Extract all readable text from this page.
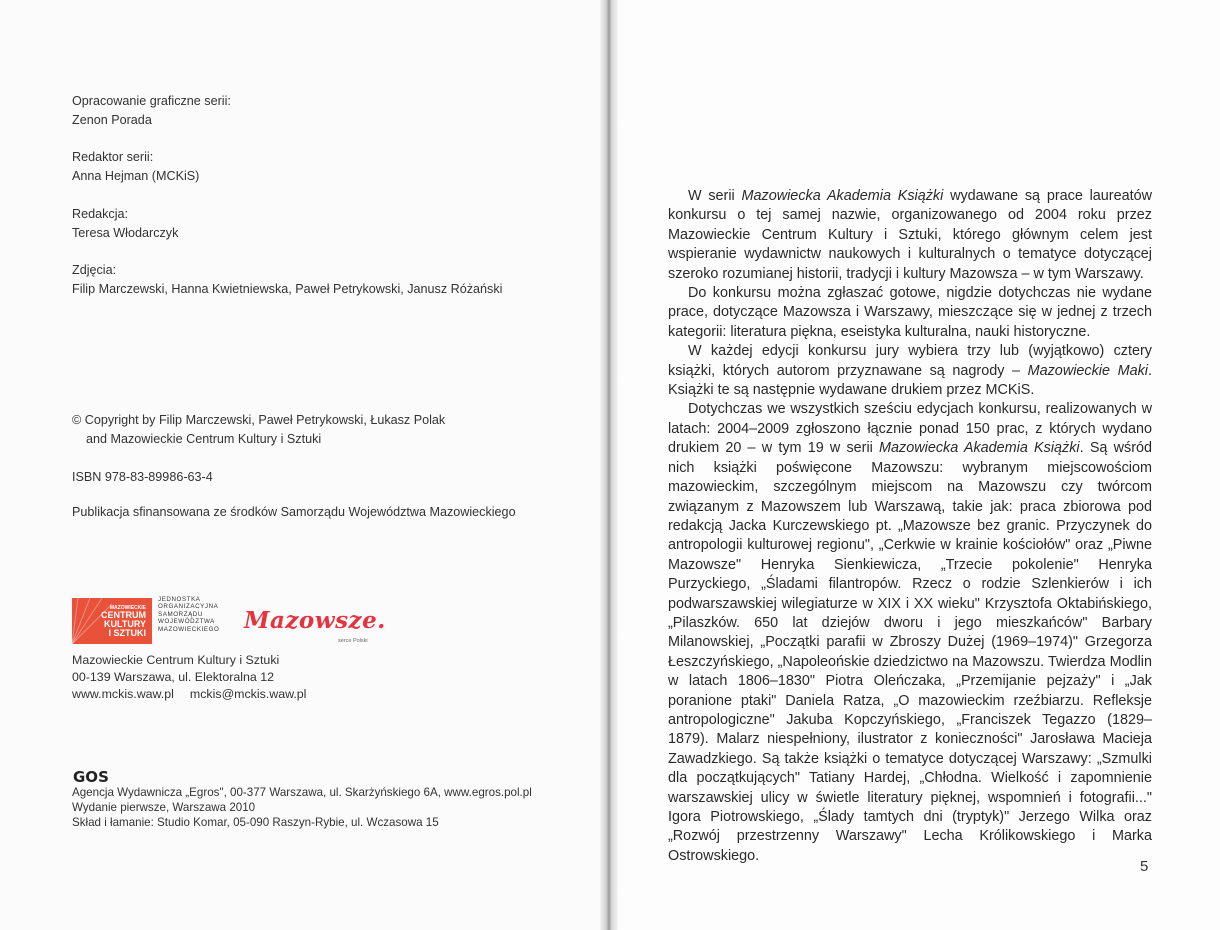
Opracowanie graficzne serii:
Zenon Porada
Redaktor serii:
Anna Hejman (MCKiS)
Redakcja:
Teresa Włodarczyk
Zdjęcia:
Filip Marczewski, Hanna Kwietniewska, Paweł Petrykowski, Janusz Różański
© Copyright by Filip Marczewski, Paweł Petrykowski, Łukasz Polak
and Mazowieckie Centrum Kultury i Sztuki
ISBN 978-83-89986-63-4
Publikacja sfinansowana ze środków Samorządu Województwa Mazowieckiego
MAZOWIECKIE
CENTRUM
KULTURY
I SZTUKI
JEDNOSTKA
ORGANIZACYJNA
SAMORZĄDU
WOJEWÓDZTWA
MAZOWIECKIEGO Mazowsze.
serce Polski
Mazowieckie Centrum Kultury i Sztuki
00-139 Warszawa, ul. Elektoralna 12
www.mckis.waw.pl mckis@mckis.waw.pl
GOS
Agencja Wydawnicza „Egros", 00-377 Warszawa, ul. Skarżyńskiego 6A, www.egros.pol.pl
Wydanie pierwsze, Warszawa 2010
Skład i łamanie: Studio Komar, 05-090 Raszyn-Rybie, ul. Wczasowa 15

W serii Mazowiecka Akademia Książki wydawane są prace laureatów konkursu o tej samej nazwie, organizowanego od 2004 roku przez Mazowieckie Centrum Kultury i Sztuki, którego głównym celem jest wspieranie wydawnictw naukowych i kulturalnych o tematyce dotyczącej szeroko rozumianej historii, tradycji i kultury Mazowsza – w tym Warszawy.

Do konkursu można zgłaszać gotowe, nigdzie dotychczas nie wydane prace, dotyczące Mazowsza i Warszawy, mieszczące się w jednej z trzech kategorii: literatura piękna, eseistyka kulturalna, nauki historyczne.

W każdej edycji konkursu jury wybiera trzy lub (wyjątkowo) cztery książki, których autorom przyznawane są nagrody – Mazowieckie Maki. Książki te są następnie wydawane drukiem przez MCKiS.

Dotychczas we wszystkich sześciu edycjach konkursu, realizowanych w latach: 2004–2009 zgłoszono łącznie ponad 150 prac, z których wydano drukiem 20 – w tym 19 w serii Mazowiecka Akademia Książki. Są wśród nich książki poświęcone Mazowszu: wybranym miejscowościom mazowieckim, szczególnym miejscom na Mazowszu czy twórcom związanym z Mazowszem lub Warszawą, takie jak: praca zbiorowa pod redakcją Jacka Kurczewskiego pt. „Mazowsze bez granic. Przyczynek do antropologii kulturowej regionu", „Cerkwie w krainie kościołów" oraz „Piwne Mazowsze" Henryka Sienkiewicza, „Trzecie pokolenie" Henryka Purzyckiego, „Śladami filantropów. Rzecz o rodzie Szlenkierów i ich podwarszawskiej wilegiaturze w XIX i XX wieku" Krzysztofa Oktabińskiego, „Pilaszków. 650 lat dziejów dworu i jego mieszkańców" Barbary Milanowskiej, „Początki parafii w Zbroszy Dużej (1969–1974)" Grzegorza Łeszczyńskiego, „Napoleońskie dziedzictwo na Mazowszu. Twierdza Modlin w latach 1806–1830" Piotra Oleńczaka, „Przemijanie pejzaży" i „Jak poranione ptaki" Daniela Ratza, „O mazowieckim rzeźbiarzu. Refleksje antropologiczne" Jakuba Kopczyńskiego, „Franciszek Tegazzo (1829–1879). Malarz niespełniony, ilustrator z konieczności" Jarosława Macieja Zawadzkiego. Są także książki o tematyce dotyczącej Warszawy: „Szmulki dla początkujących" Tatiany Hardej, „Chłodna. Wielkość i zapomnienie warszawskiej ulicy w świetle literatury pięknej, wspomnień i fotografii..." Igora Piotrowskiego, „Ślady tamtych dni (tryptyk)" Jerzego Wilka oraz „Rozwój przestrzenny Warszawy" Lecha Królikowskiego i Marka Ostrowskiego.

5
